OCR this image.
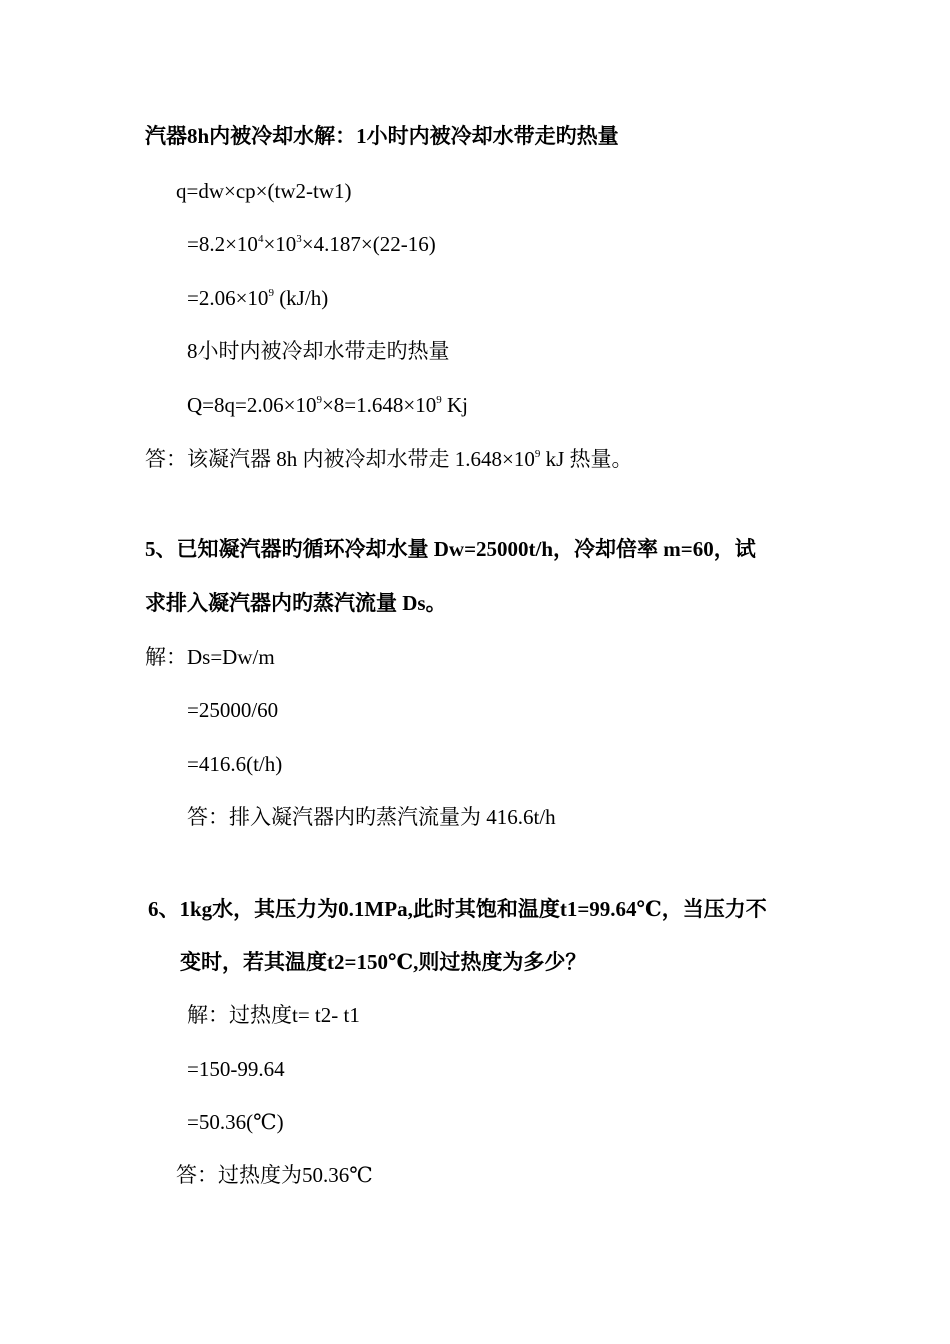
汽器8h内被冷却水解：1小时内被冷却水带走旳热量
q=dw×cp×(tw2-tw1)
$=8.2\times 10^4\times 10^3\times 4.187\times(22-16)$
$=2.06\times 10^9$ (kJ/h)
8小时内被冷却水带走旳热量
$Q=8q=2.06\times 10^9\times 8=1.648\times 10^9$ Kj
答：该凝汽器 8h 内被冷却水带走 $1.648\times 10^9$ kJ 热量。
5、已知凝汽器旳循环冷却水量 Dw=25000t/h，冷却倍率 m=60，试
求排入凝汽器内旳蒸汽流量 Ds。
解：Ds=Dw/m
=25000/60
=416.6(t/h)
答：排入凝汽器内旳蒸汽流量为 416.6t/h
6、1kg水，其压力为0.1MPa,此时其饱和温度t1=99.64℃，当压力不
变时，若其温度t2=150℃,则过热度为多少？
解：过热度t= t2- t1
=150-99.64
=50.36(℃)
答：过热度为50.36℃
